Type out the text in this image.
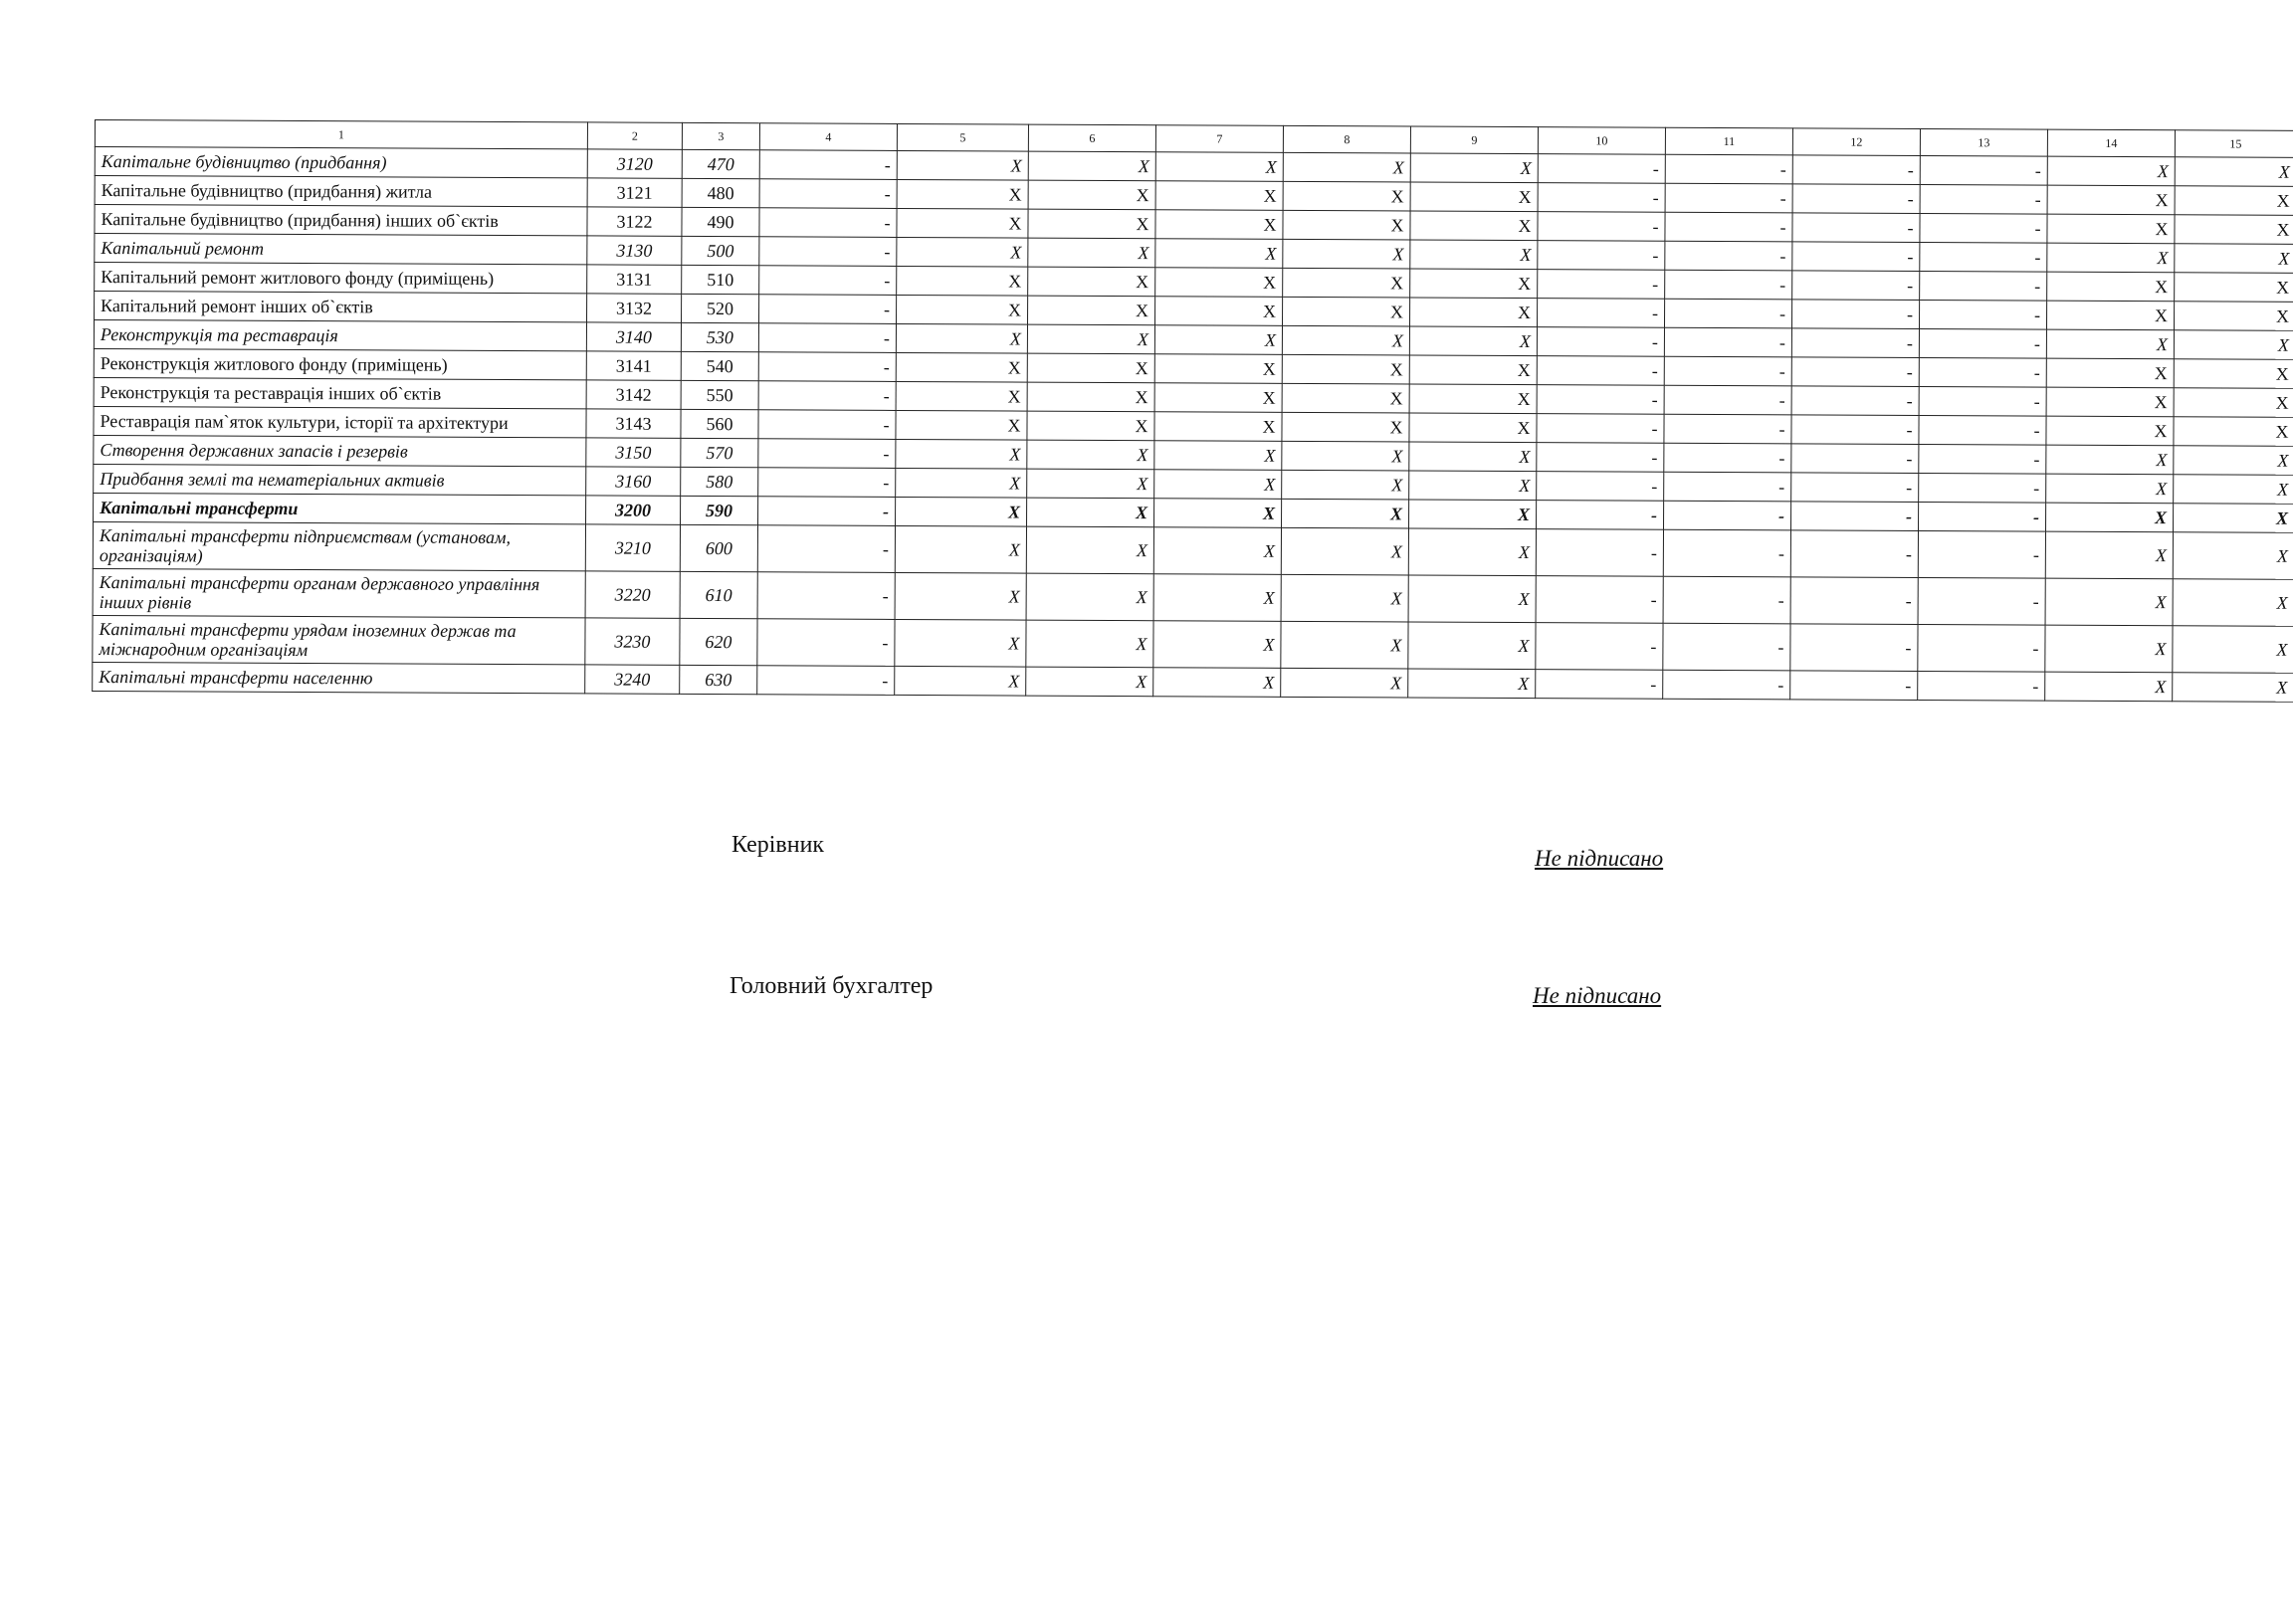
1	2	3	4	5	6	7	8	9	10	11	12	13	14	15
Капітальне будівництво (придбання)	3120	470	-	X	X	X	X	X	-	-	-	-	X	X
Капітальне будівництво (придбання) житла	3121	480	-	X	X	X	X	X	-	-	-	-	X	X
Капітальне будівництво (придбання) інших об`єктів	3122	490	-	X	X	X	X	X	-	-	-	-	X	X
Капітальний ремонт	3130	500	-	X	X	X	X	X	-	-	-	-	X	X
Капітальний ремонт житлового фонду (приміщень)	3131	510	-	X	X	X	X	X	-	-	-	-	X	X
Капітальний ремонт інших об`єктів	3132	520	-	X	X	X	X	X	-	-	-	-	X	X
Реконструкція та реставрація	3140	530	-	X	X	X	X	X	-	-	-	-	X	X
Реконструкція житлового фонду (приміщень)	3141	540	-	X	X	X	X	X	-	-	-	-	X	X
Реконструкція та реставрація інших об`єктів	3142	550	-	X	X	X	X	X	-	-	-	-	X	X
Реставрація пам`яток культури, історії та архітектури	3143	560	-	X	X	X	X	X	-	-	-	-	X	X
Створення державних запасів і резервів	3150	570	-	X	X	X	X	X	-	-	-	-	X	X
Придбання землі та нематеріальних активів	3160	580	-	X	X	X	X	X	-	-	-	-	X	X
Капітальні трансферти	3200	590	-	X	X	X	X	X	-	-	-	-	X	X
Капітальні трансферти підприємствам (установам, організаціям)	3210	600	-	X	X	X	X	X	-	-	-	-	X	X
Капітальні трансферти органам державного управління інших рівнів	3220	610	-	X	X	X	X	X	-	-	-	-	X	X
Капітальні трансферти урядам іноземних держав та міжнародним організаціям	3230	620	-	X	X	X	X	X	-	-	-	-	X	X
Капітальні трансферти населенню	3240	630	-	X	X	X	X	X	-	-	-	-	X	X
Керівник
Не підписано
Головний бухгалтер	Не підписано
